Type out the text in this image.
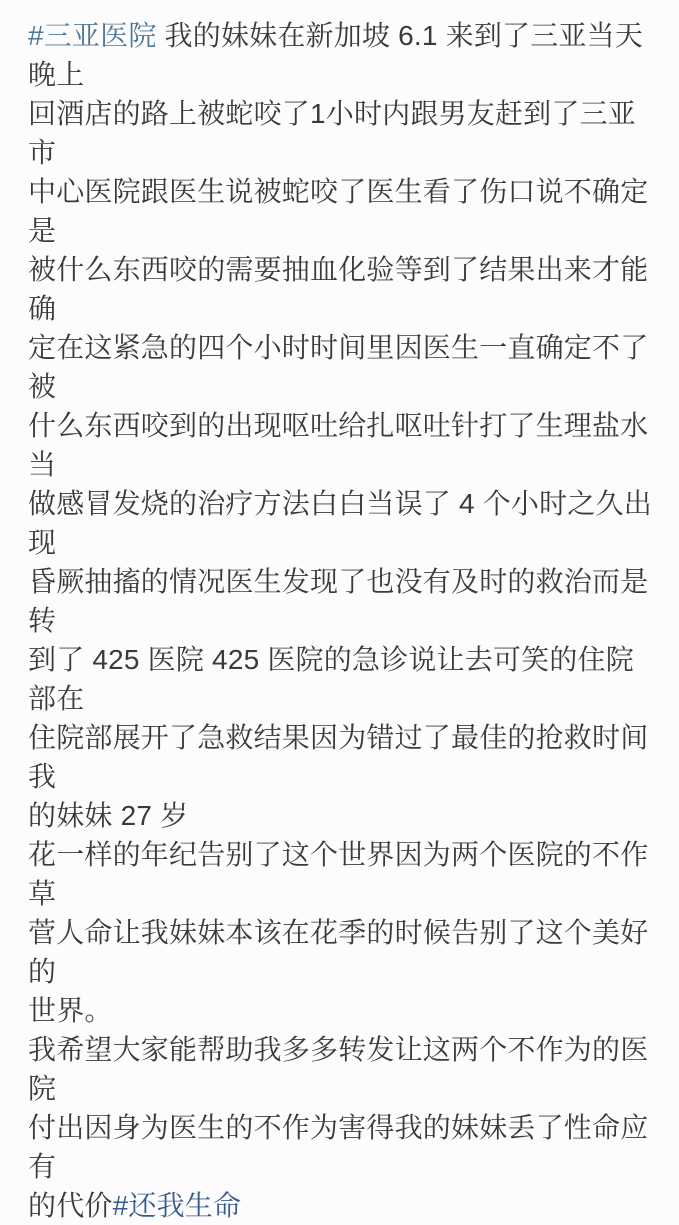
#三亚医院 我的妹妹在新加坡 6.1 来到了三亚当天晚上
回酒店的路上被蛇咬了1小时内跟男友赶到了三亚市
中心医院跟医生说被蛇咬了医生看了伤口说不确定是
被什么东西咬的需要抽血化验等到了结果出来才能确
定在这紧急的四个小时时间里因医生一直确定不了被
什么东西咬到的出现呕吐给扎呕吐针打了生理盐水当
做感冒发烧的治疗方法白白当误了 4 个小时之久出现
昏厥抽搐的情况医生发现了也没有及时的救治而是转
到了 425 医院 425 医院的急诊说让去可笑的住院部在
住院部展开了急救结果因为错过了最佳的抢救时间我
的妹妹 27 岁
花一样的年纪告别了这个世界因为两个医院的不作草
菅人命让我妹妹本该在花季的时候告别了这个美好的
世界。
我希望大家能帮助我多多转发让这两个不作为的医院
付出因身为医生的不作为害得我的妹妹丢了性命应有
的代价#还我生命
